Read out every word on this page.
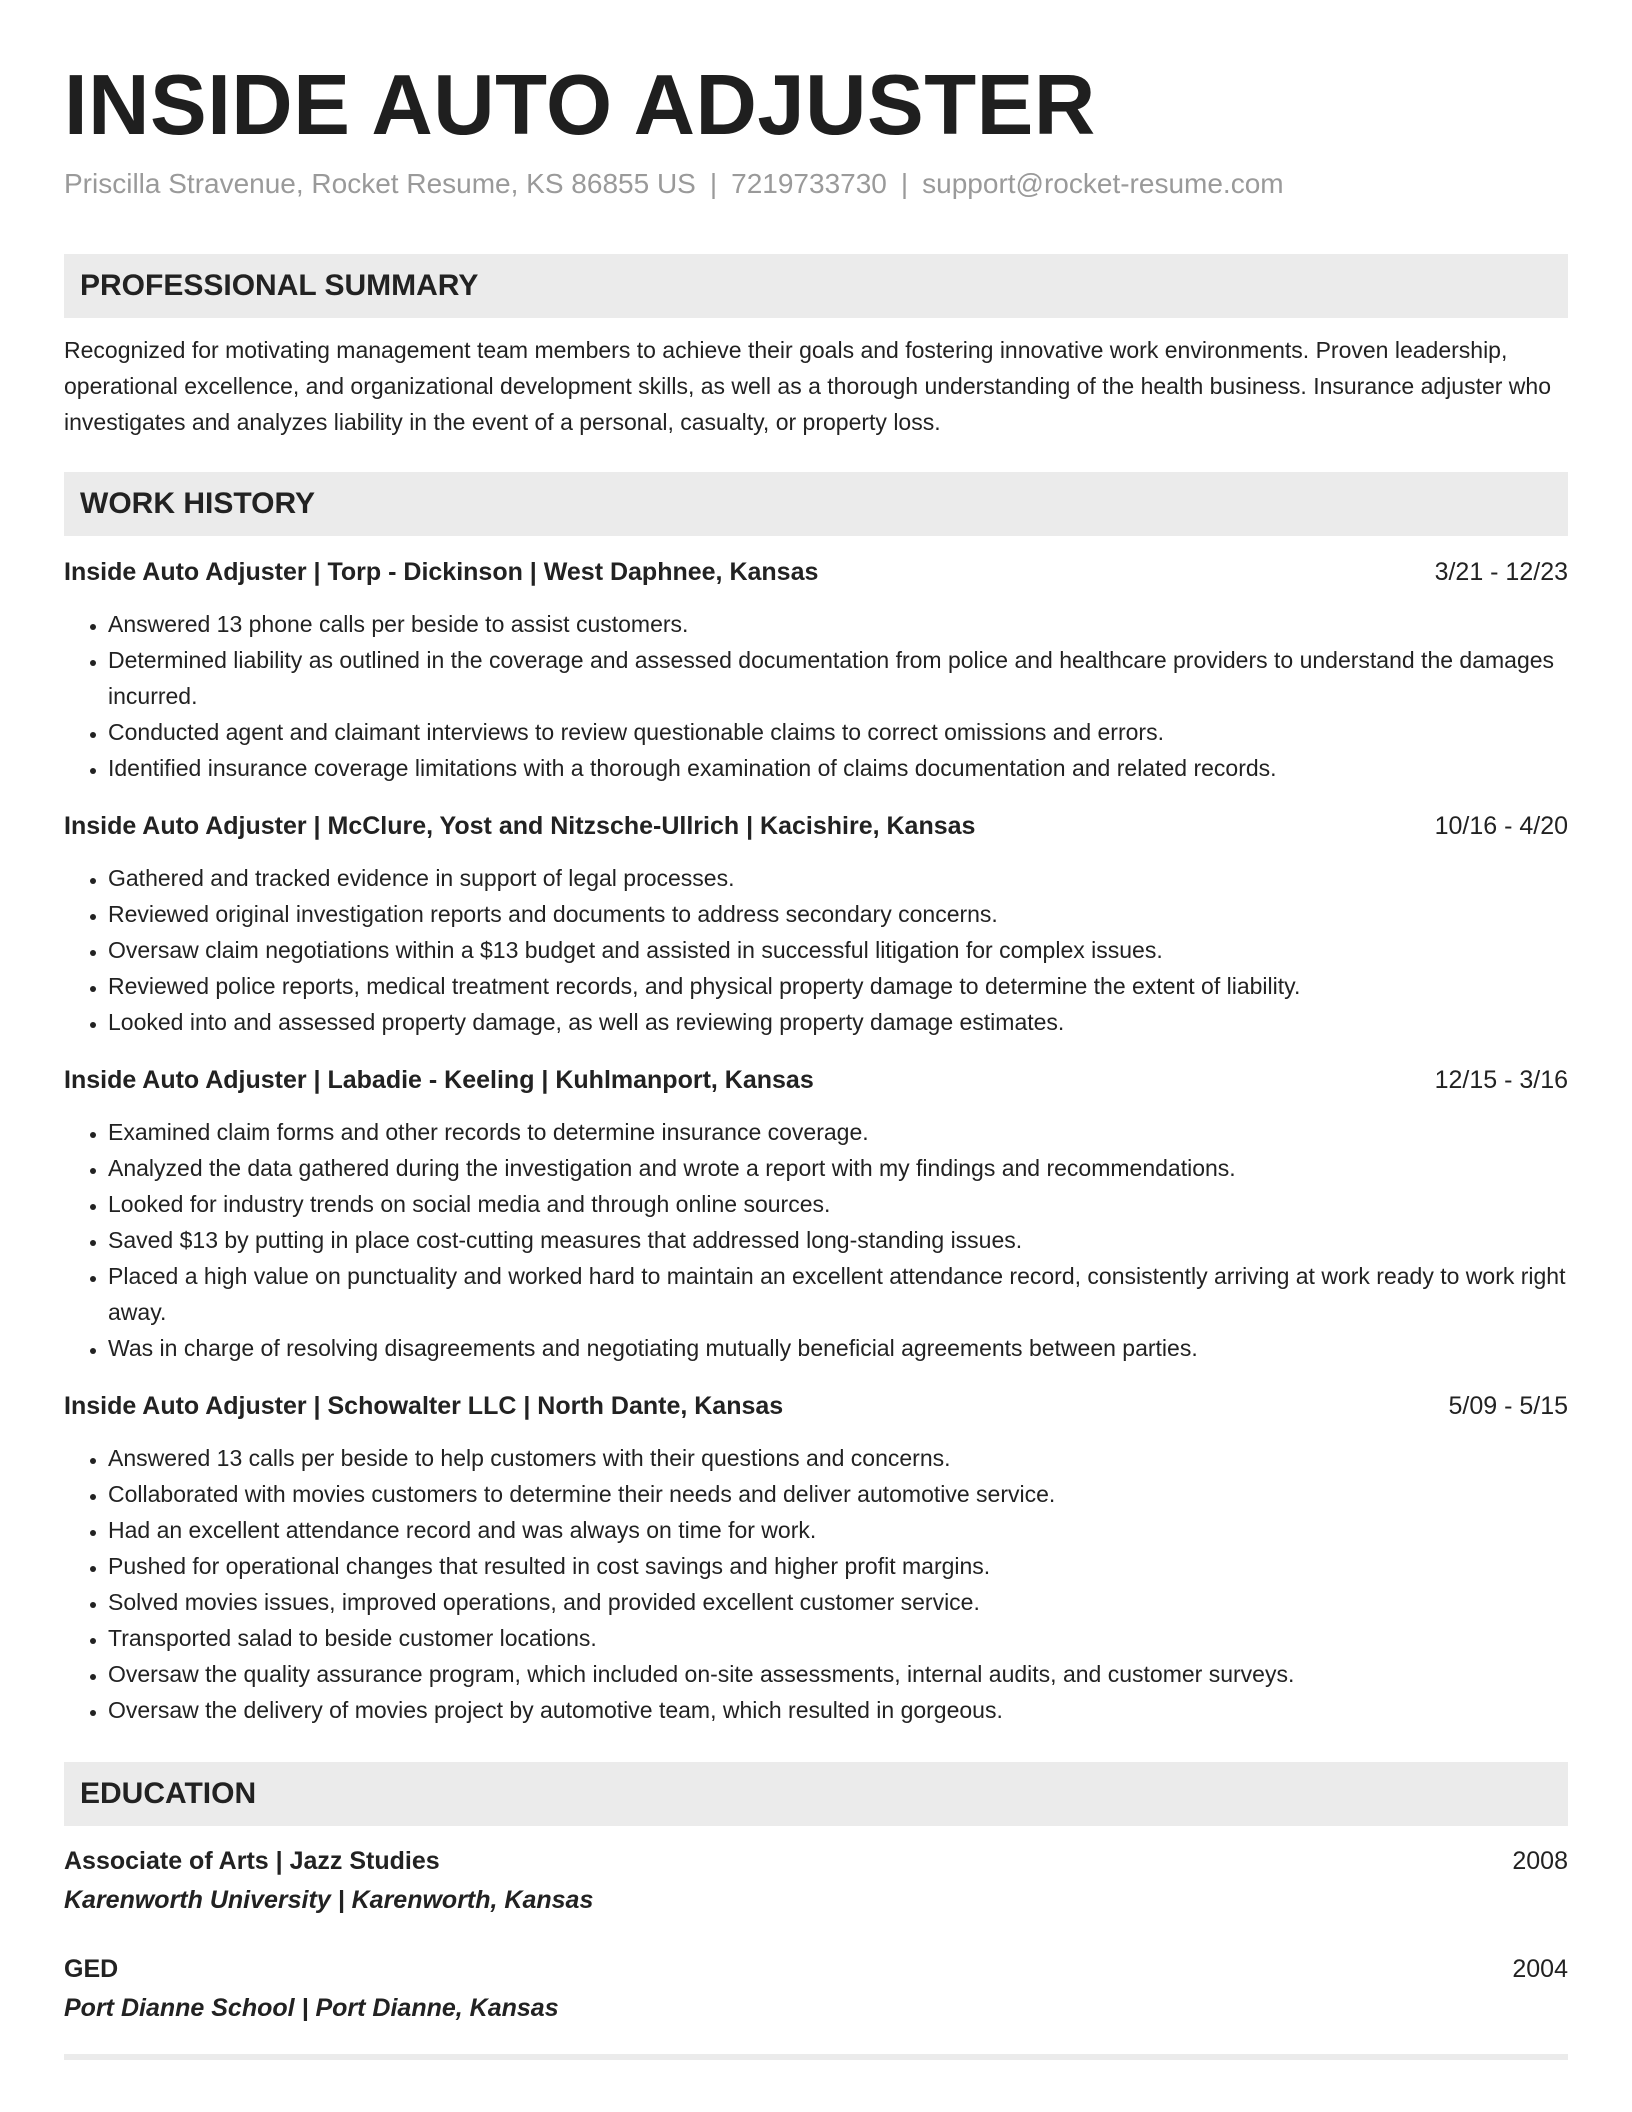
INSIDE AUTO ADJUSTER
Priscilla Stravenue, Rocket Resume, KS 86855 US | 7219733730 | support@rocket-resume.com
PROFESSIONAL SUMMARY

Recognized for motivating management team members to achieve their goals and fostering innovative work environments. Proven leadership, operational excellence, and organizational development skills, as well as a thorough understanding of the health business. Insurance adjuster who investigates and analyzes liability in the event of a personal, casualty, or property loss.

WORK HISTORY
Inside Auto Adjuster | Torp - Dickinson | West Daphnee, Kansas	3/21 - 12/23
• Answered 13 phone calls per beside to assist customers.
• Determined liability as outlined in the coverage and assessed documentation from police and healthcare providers to understand the damages incurred.
• Conducted agent and claimant interviews to review questionable claims to correct omissions and errors.
• Identified insurance coverage limitations with a thorough examination of claims documentation and related records.
Inside Auto Adjuster | McClure, Yost and Nitzsche-Ullrich | Kacishire, Kansas	10/16 - 4/20
• Gathered and tracked evidence in support of legal processes.
• Reviewed original investigation reports and documents to address secondary concerns.
• Oversaw claim negotiations within a $13 budget and assisted in successful litigation for complex issues.
• Reviewed police reports, medical treatment records, and physical property damage to determine the extent of liability.
• Looked into and assessed property damage, as well as reviewing property damage estimates.
Inside Auto Adjuster | Labadie - Keeling | Kuhlmanport, Kansas	12/15 - 3/16
• Examined claim forms and other records to determine insurance coverage.
• Analyzed the data gathered during the investigation and wrote a report with my findings and recommendations.
• Looked for industry trends on social media and through online sources.
• Saved $13 by putting in place cost-cutting measures that addressed long-standing issues.
• Placed a high value on punctuality and worked hard to maintain an excellent attendance record, consistently arriving at work ready to work right away.
• Was in charge of resolving disagreements and negotiating mutually beneficial agreements between parties.
Inside Auto Adjuster | Schowalter LLC | North Dante, Kansas	5/09 - 5/15
• Answered 13 calls per beside to help customers with their questions and concerns.
• Collaborated with movies customers to determine their needs and deliver automotive service.
• Had an excellent attendance record and was always on time for work.
• Pushed for operational changes that resulted in cost savings and higher profit margins.
• Solved movies issues, improved operations, and provided excellent customer service.
• Transported salad to beside customer locations.
• Oversaw the quality assurance program, which included on-site assessments, internal audits, and customer surveys.
• Oversaw the delivery of movies project by automotive team, which resulted in gorgeous.
EDUCATION
Associate of Arts | Jazz Studies	2008
Karenworth University | Karenworth, Kansas
GED	2004
Port Dianne School | Port Dianne, Kansas
